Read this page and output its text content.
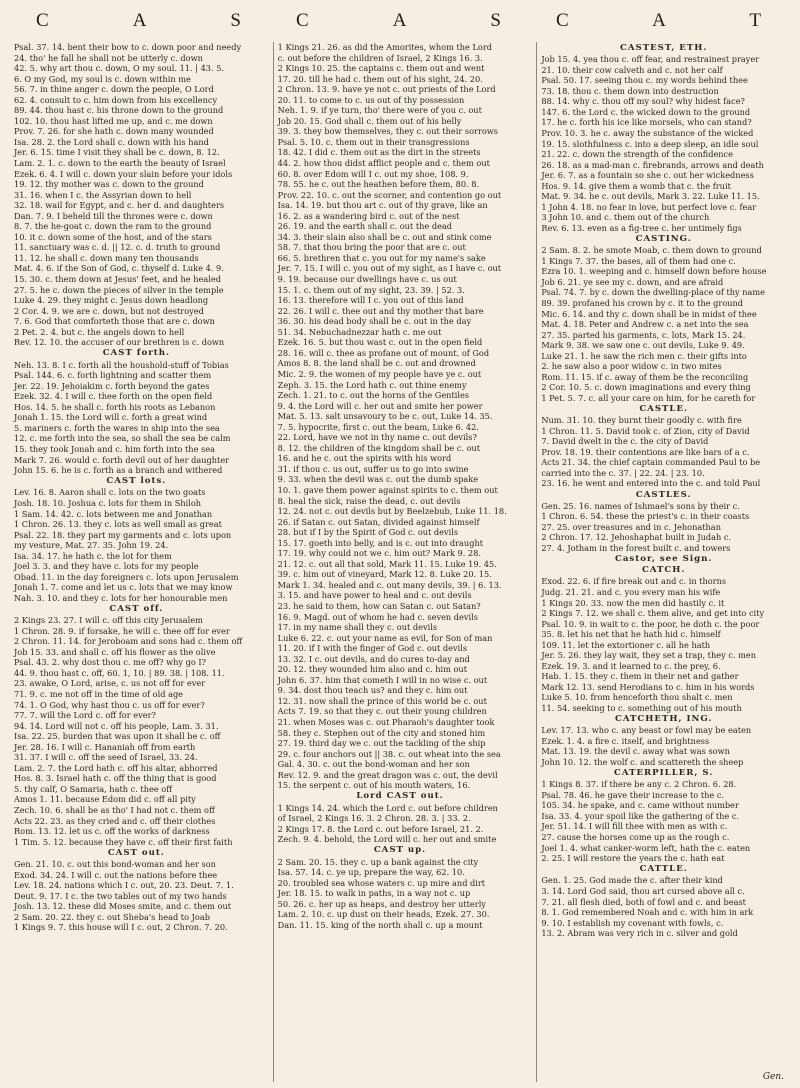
C	A	S	C	A	S	C	A	T
Psal. 37. 14. bent their bow to c. down poor and needy
24. tho' he fall he shall not be utterly c. down
42. 5. why art thou c. down, O my soul. 11. | 43. 5.
6. O my God, my soul is c. down within me
56. 7. in thine anger c. down the people, O Lord
62. 4. consult to c. him down from his excellency
89. 44. thou hast c. his throne down to the ground
102. 10. thou hast lifted me up, and c. me down
Prov. 7. 26. for she hath c. down many wounded
Isa. 28. 2. the Lord shall c. down with his hand
Jer. 6. 15. time I visit they shall be c. down, 8. 12.
Lam. 2. 1. c. down to the earth the beauty of Israel
Ezek. 6. 4. I will c. down your slain before your idols
19. 12. thy mother was c. down to the ground
31. 16. when I c. the Assyrian down to hell
32. 18. wail for Egypt, and c. her d. and daughters
Dan. 7. 9. I beheld till the thrones were c. down
8. 7. the he-goat c. down the ram to the ground
10. it c. down some of the host, and of the stars
11. sanctuary was c. d. || 12. c. d. truth to ground
11. 12. he shall c. down many ten thousands
Mat. 4. 6. if the Son of God, c. thyself d. Luke 4. 9.
15. 30. c. them down at Jesus' feet, and he healed
27. 5. he c. down the pieces of silver in the temple
Luke 4. 29. they might c. Jesus down headlong
2 Cor. 4. 9. we are c. down, but not destroyed
7. 6. God that comforteth those that are c. down
2 Pet. 2. 4. but c. the angels down to hell
Rev. 12. 10. the accuser of our brethren is c. down
CAST forth.
Neh. 13. 8. I c. forth all the houshold-stuff of Tobias
Psal. 144. 6. c. forth lightning and scatter them
Jer. 22. 19. Jehoiakim c. forth beyond the gates
Ezek. 32. 4. I will c. thee forth on the open field
Hos. 14. 5. he shall c. forth his roots as Lebanon
Jonah 1. 15. the Lord will c. forth a great wind
5. mariners c. forth the wares in ship into the sea
12. c. me forth into the sea, so shall the sea be calm
15. they took Jonah and c. him forth into the sea
Mark 7. 26. would c. forth devil out of her daughter
John 15. 6. he is c. forth as a branch and withered
CAST lots.
Lev. 16. 8. Aaron shall c. lots on the two goats
Josh. 18. 10. Joshua c. lots for them in Shiloh
1 Sam. 14. 42. c. lots between me and Jonathan
1 Chron. 26. 13. they c. lots as well small as great
Psal. 22. 18. they part my garments and c. lots upon
my vesture, Mat. 27. 35. John 19. 24.
Isa. 34. 17. he hath c. the lot for them
Joel 3. 3. and they have c. lots for my people
Obad. 11. in the day foreigners c. lots upon Jerusalem
Jonah 1. 7. come and let us c. lots that we may know
Nah. 3. 10. and they c. lots for her honourable men
CAST off.
2 Kings 23. 27. I will c. off this city Jerusalem
1 Chron. 28. 9. if forsake, he will c. thee off for ever
2 Chron. 11. 14. for Jeroboam and sons had c. them off
Job 15. 33. and shall c. off his flower as the olive
Psal. 43. 2. why dost thou c. me off? why go I?
44. 9. thou hast c. off, 60. 1, 10. | 89. 38. | 108. 11.
23. awake, O Lord, arise, c. us not off for ever
71. 9. c. me not off in the time of old age
74. 1. O God, why hast thou c. us off for ever?
77. 7. will the Lord c. off for ever?
94. 14. Lord will not c. off his people, Lam. 3. 31.
Isa. 22. 25. burden that was upon it shall be c. off
Jer. 28. 16. I will c. Hananiah off from earth
31. 37. I will c. off the seed of Israel, 33. 24.
Lam. 2. 7. the Lord hath c. off his altar, abhorred
Hos. 8. 3. Israel hath c. off the thing that is good
5. thy calf, O Samaria, hath c. thee off
Amos 1. 11. because Edom did c. off all pity
Zech. 10. 6. shall be as tho' I had not c. them off
Acts 22. 23. as they cried and c. off their clothes
Rom. 13. 12. let us c. off the works of darkness
1 Tim. 5. 12. because they have c. off their first faith
CAST out.
Gen. 21. 10. c. out this bond-woman and her son
Exod. 34. 24. I will c. out the nations before thee
Lev. 18. 24. nations which I c. out, 20. 23. Deut. 7. 1.
Deut. 9. 17. I c. the two tables out of my two hands
Josh. 13. 12. these did Moses smite, and c. them out
2 Sam. 20. 22. they c. out Sheba's head to Joab
1 Kings 9. 7. this house will I c. out, 2 Chron. 7. 20.
1 Kings 21. 26. as did the Amorites, whom the Lord
c. out before the children of Israel, 2 Kings 16. 3.
2 Kings 10. 25. the captains c. them out and went
17. 20. till he had c. them out of his sight, 24. 20.
2 Chron. 13. 9. have ye not c. out priests of the Lord
20. 11. to come to c. us out of thy possession
Neh. 1. 9. if ye turn, tho' there were of you c. out
Job 20. 15. God shall c. them out of his belly
39. 3. they bow themselves, they c. out their sorrows
Psal. 5. 10. c. them out in their transgressions
18. 42. I did c. them out as the dirt in the streets
44. 2. how thou didst afflict people and c. them out
60. 8. over Edom will I c. out my shoe, 108. 9.
78. 55. he c. out the heathen before them, 80. 8.
Prov. 22. 10. c. out the scorner, and contention go out
Isa. 14. 19. but thou art c. out of thy grave, like an
16. 2. as a wandering bird c. out of the nest
26. 19. and the earth shall c. out the dead
34. 3. their slain also shall be c. out and stink come
58. 7. that thou bring the poor that are c. out
66. 5. brethren that c. you out for my name's sake
Jer. 7. 15. I will c. you out of my sight, as I have c. out
9. 19. because our dwellings have c. us out
15. 1. c. them out of my sight, 23. 39. | 52. 3.
16. 13. therefore will I c. you out of this land
22. 26. I will c. thee out and thy mother that bare
36. 30. his dead body shall be c. out in the day
51. 34. Nebuchadnezzar hath c. me out
Ezek. 16. 5. but thou wast c. out in the open field
28. 16. will c. thee as profane out of mount. of God
Amos 8. 8. the land shall be c. out and drowned
Mic. 2. 9. the women of my people have ye c. out
Zeph. 3. 15. the Lord hath c. out thine enemy
Zech. 1. 21. to c. out the horns of the Gentiles
9. 4. the Lord will c. her out and smite her power
Mat. 5. 13. salt unsavoury to be c. out, Luke 14. 35.
7. 5. hypocrite, first c. out the beam, Luke 6. 42.
22. Lord, have we not in thy name c. out devils?
8. 12. the children of the kingdom shall be c. out
16. and he c. out the spirits with his word
31. if thou c. us out, suffer us to go into swine
9. 33. when the devil was c. out the dumb spake
10. 1. gave them power against spirits to c. them out
8. heal the sick, raise the dead, c. out devils
12. 24. not c. out devils but by Beelzebub, Luke 11. 18.
26. if Satan c. out Satan, divided against himself
28. but if I by the Spirit of God c. out devils
15. 17. goeth into belly, and is c. out into draught
17. 19. why could not we c. him out? Mark 9. 28.
21. 12. c. out all that sold, Mark 11. 15. Luke 19. 45.
39. c. him out of vineyard, Mark 12. 8. Luke 20. 15.
Mark 1. 34. healed and c. out many devils, 39. | 6. 13.
3. 15. and have power to heal and c. out devils
23. he said to them, how can Satan c. out Satan?
16. 9. Magd. out of whom he had c. seven devils
17. in my name shall they c. out devils
Luke 6. 22. c. out your name as evil, for Son of man
11. 20. if I with the finger of God c. out devils
13. 32. I c. out devils, and do cures to-day and
20. 12. they wounded him also and c. him out
John 6. 37. him that cometh I will in no wise c. out
9. 34. dost thou teach us? and they c. him out
12. 31. now shall the prince of this world be c. out
Acts 7. 19. so that they c. out their young children
21. when Moses was c. out Pharaoh's daughter took
58. they c. Stephen out of the city and stoned him
27. 19. third day we c. out the tackling of the ship
29. c. four anchors out || 38. c. out wheat into the sea
Gal. 4. 30. c. out the bond-woman and her son
Rev. 12. 9. and the great dragon was c. out, the devil
15. the serpent c. out of his mouth waters, 16.
Lord CAST out.
1 Kings 14. 24. which the Lord c. out before children
of Israel, 2 Kings 16. 3. 2 Chron. 28. 3. | 33. 2.
2 Kings 17. 8. the Lord c. out before Israel, 21. 2.
Zech. 9. 4. behold, the Lord will c. her out and smite
CAST up.
2 Sam. 20. 15. they c. up a bank against the city
Isa. 57. 14. c. ye up, prepare the way, 62. 10.
20. troubled sea whose waters c. up mire and dirt
Jer. 18. 15. to walk in paths, in a way not c. up
50. 26. c. her up as heaps, and destroy her utterly
Lam. 2. 10. c. up dust on their heads, Ezek. 27. 30.
Dan. 11. 15. king of the north shall c. up a mount
CASTEST, ETH.
Job 15. 4. yea thou c. off fear, and restrainest prayer
21. 10. their cow calveth and c. not her calf
Psal. 50. 17. seeing thou c. my words behind thee
73. 18. thou c. them down into destruction
88. 14. why c. thou off my soul? why hidest face?
147. 6. the Lord c. the wicked down to the ground
17. he c. forth his ice like morsels, who can stand?
Prov. 10. 3. he c. away the substance of the wicked
19. 15. slothfulness c. into a deep sleep, an idle soul
21. 22. c. down the strength of the confidence
26. 18. as a mad-man c. firebrands, arrows and death
Jer. 6. 7. as a fountain so she c. out her wickedness
Hos. 9. 14. give them a womb that c. the fruit
Mat. 9. 34. he c. out devils, Mark 3. 22. Luke 11. 15.
1 John 4. 18. no fear in love, but perfect love c. fear
3 John 10. and c. them out of the church
Rev. 6. 13. even as a fig-tree c. her untimely figs
CASTING.
2 Sam. 8. 2. he smote Moab, c. them down to ground
1 Kings 7. 37. the bases, all of them had one c.
Ezra 10. 1. weeping and c. himself down before house
Job 6. 21. ye see my c. down, and are afraid
Psal. 74. 7. by c. down the dwelling-place of thy name
89. 39. profaned his crown by c. it to the ground
Mic. 6. 14. and thy c. down shall be in midst of thee
Mat. 4. 18. Peter and Andrew c. a net into the sea
27. 35. parted his garments, c. lots, Mark 15. 24.
Mark 9. 38. we saw one c. out devils, Luke 9. 49.
Luke 21. 1. he saw the rich men c. their gifts into
2. he saw also a poor widow c. in two mites
Rom. 11. 15. if c. away of them be the reconciling
2 Cor. 10. 5. c. down imaginations and every thing
1 Pet. 5. 7. c. all your care on him, for he careth for
CASTLE.
Num. 31. 10. they burnt their goodly c. with fire
1 Chron. 11. 5. David took c. of Zion, city of David
7. David dwelt in the c. the city of David
Prov. 18. 19. their contentions are like bars of a c.
Acts 21. 34. the chief captain commanded Paul to be
carried into the c. 37. | 22. 24. | 23. 10.
23. 16. he went and entered into the c. and told Paul
CASTLES.
Gen. 25. 16. names of Ishmael's sons by their c.
1 Chron. 6. 54. these the priest's c. in their coasts
27. 25. over treasures and in c. Jehonathan
2 Chron. 17. 12. Jehoshaphat built in Judah c.
27. 4. Jotham in the forest built c. and towers
Castor, see Sign.
CATCH.
Exod. 22. 6. if fire break out and c. in thorns
Judg. 21. 21. and c. you every man his wife
1 Kings 20. 33. now the men did hastily c. it
2 Kings 7. 12. we shall c. them alive, and get into city
Psal. 10. 9. in wait to c. the poor, he doth c. the poor
35. 8. let his net that he hath hid c. himself
109. 11. let the extortioner c. all he hath
Jer. 5. 26. they lay wait, they set a trap, they c. men
Ezek. 19. 3. and it learned to c. the prey, 6.
Hab. 1. 15. they c. them in their net and gather
Mark 12. 13. send Herodians to c. him in his words
Luke 5. 10. from henceforth thou shalt c. men
11. 54. seeking to c. something out of his mouth
CATCHETH, ING.
Lev. 17. 13. who c. any beast or fowl may be eaten
Ezek. 1. 4. a fire c. itself, and brightness
Mat. 13. 19. the devil c. away what was sown
John 10. 12. the wolf c. and scattereth the sheep
CATERPILLER, S.
1 Kings 8. 37. if there be any c. 2 Chron. 6. 28.
Psal. 78. 46. he gave their increase to the c.
105. 34. he spake, and c. came without number
Isa. 33. 4. your spoil like the gathering of the c.
Jer. 51. 14. I will fill thee with men as with c.
27. cause the horses come up as the rough c.
Joel 1. 4. what canker-worm left, hath the c. eaten
2. 25. I will restore the years the c. hath eat
CATTLE.
Gen. 1. 25. God made the c. after their kind
3. 14. Lord God said, thou art cursed above all c.
7. 21. all flesh died, both of fowl and c. and beast
8. 1. God remembered Noah and c. with him in ark
9. 10. I establish my covenant with fowls, c.
13. 2. Abram was very rich in c. silver and gold
Gen.
